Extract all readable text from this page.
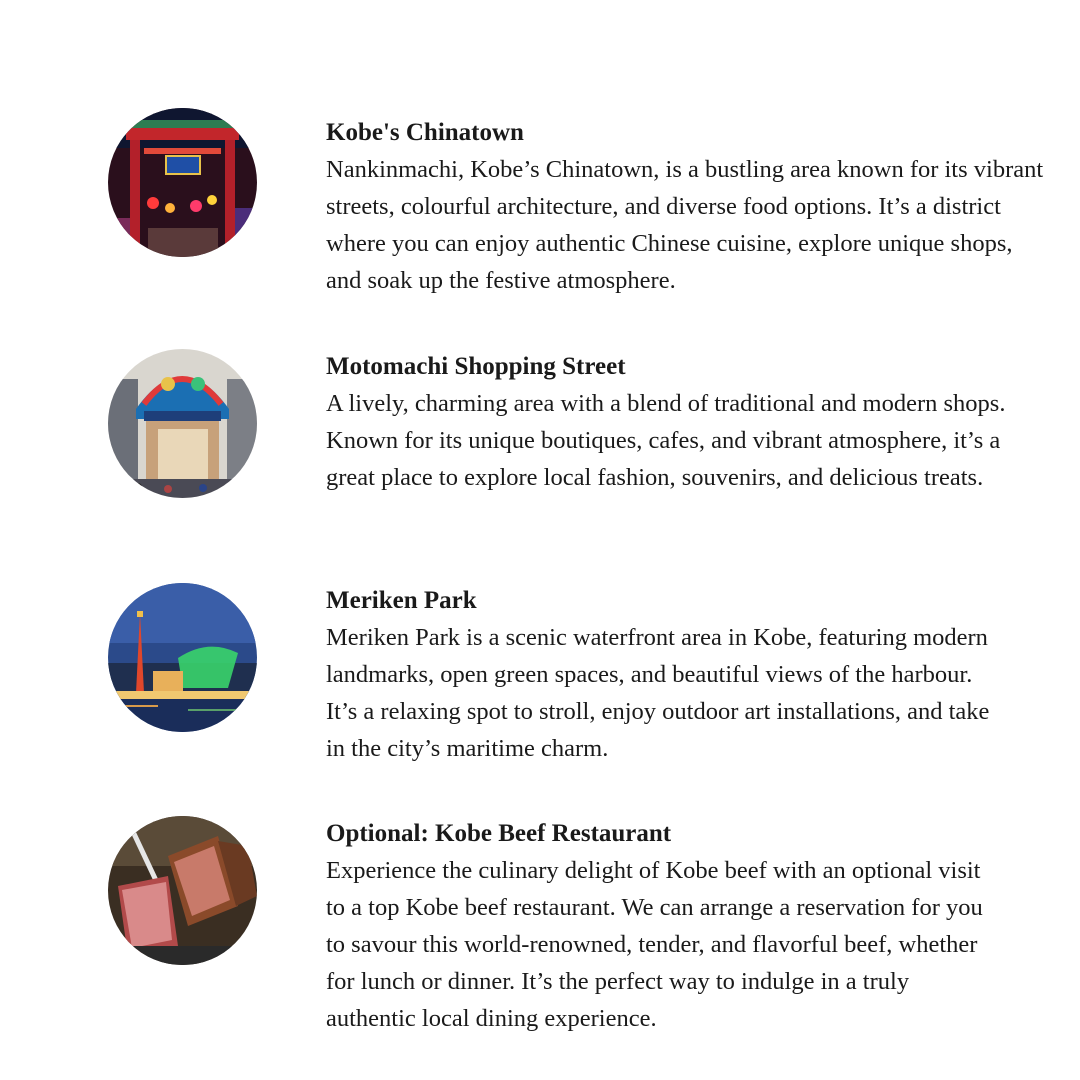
Kobe's Chinatown

Nankinmachi, Kobe’s Chinatown, is a bustling area known for its vibrant streets, colourful architecture, and diverse food options. It’s a district where you can enjoy authentic Chinese cuisine, explore unique shops, and soak up the festive atmosphere.

Motomachi Shopping Street

A lively, charming area with a blend of traditional and modern shops. Known for its unique boutiques, cafes, and vibrant atmosphere, it’s a great place to explore local fashion, souvenirs, and delicious treats.

Meriken Park

Meriken Park is a scenic waterfront area in Kobe, featuring modern landmarks, open green spaces, and beautiful views of the harbour. It’s a relaxing spot to stroll, enjoy outdoor art installations, and take in the city’s maritime charm.

Optional: Kobe Beef Restaurant

Experience the culinary delight of Kobe beef with an optional visit to a top Kobe beef restaurant. We can arrange a reservation for you to savour this world-renowned, tender, and flavorful beef, whether for lunch or dinner. It’s the perfect way to indulge in a truly authentic local dining experience.
